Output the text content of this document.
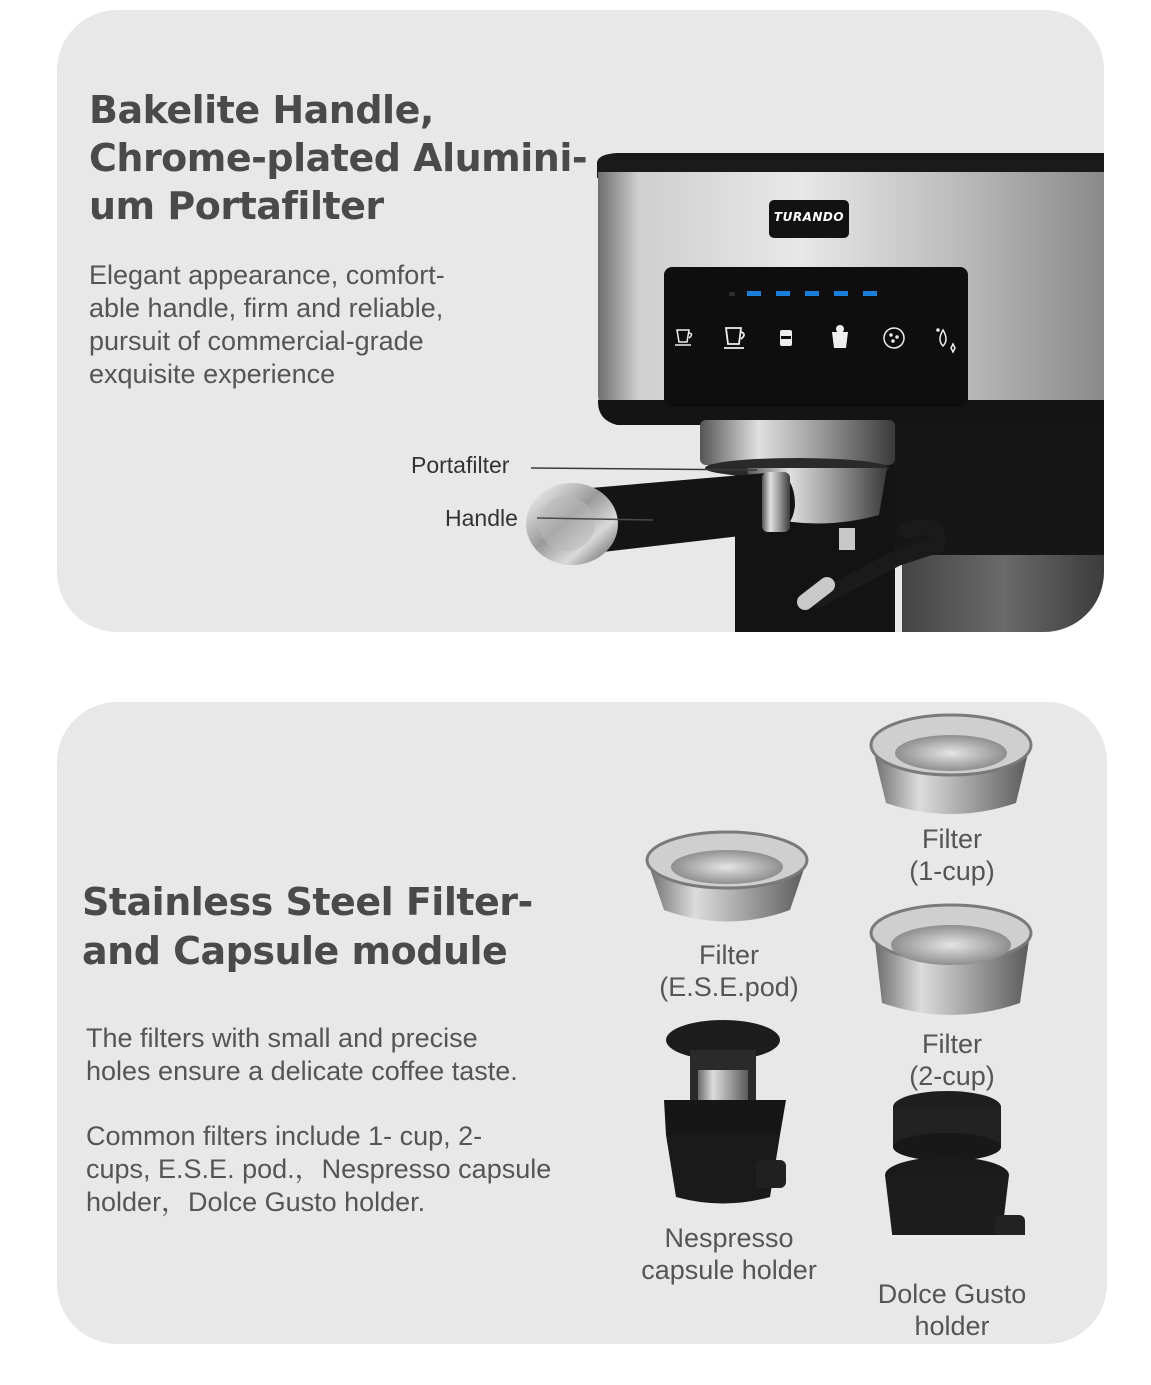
Bakelite Handle,
Chrome-plated Alumini-
um Portafilter
Elegant appearance, comfort-
able handle, firm and reliable,
pursuit of commercial-grade
exquisite experience
TURANDO
Portafilter
Handle
Stainless Steel Filter-
and Capsule module
The filters with small and precise
holes ensure a delicate coffee taste.
Common filters include 1- cup, 2-
cups, E.S.E. pod.，Nespresso capsule
holder，Dolce Gusto holder.
Filter
(1-cup)
Filter
(E.S.E.pod)
Filter
(2-cup)
Nespresso
capsule holder
Dolce Gusto
holder
